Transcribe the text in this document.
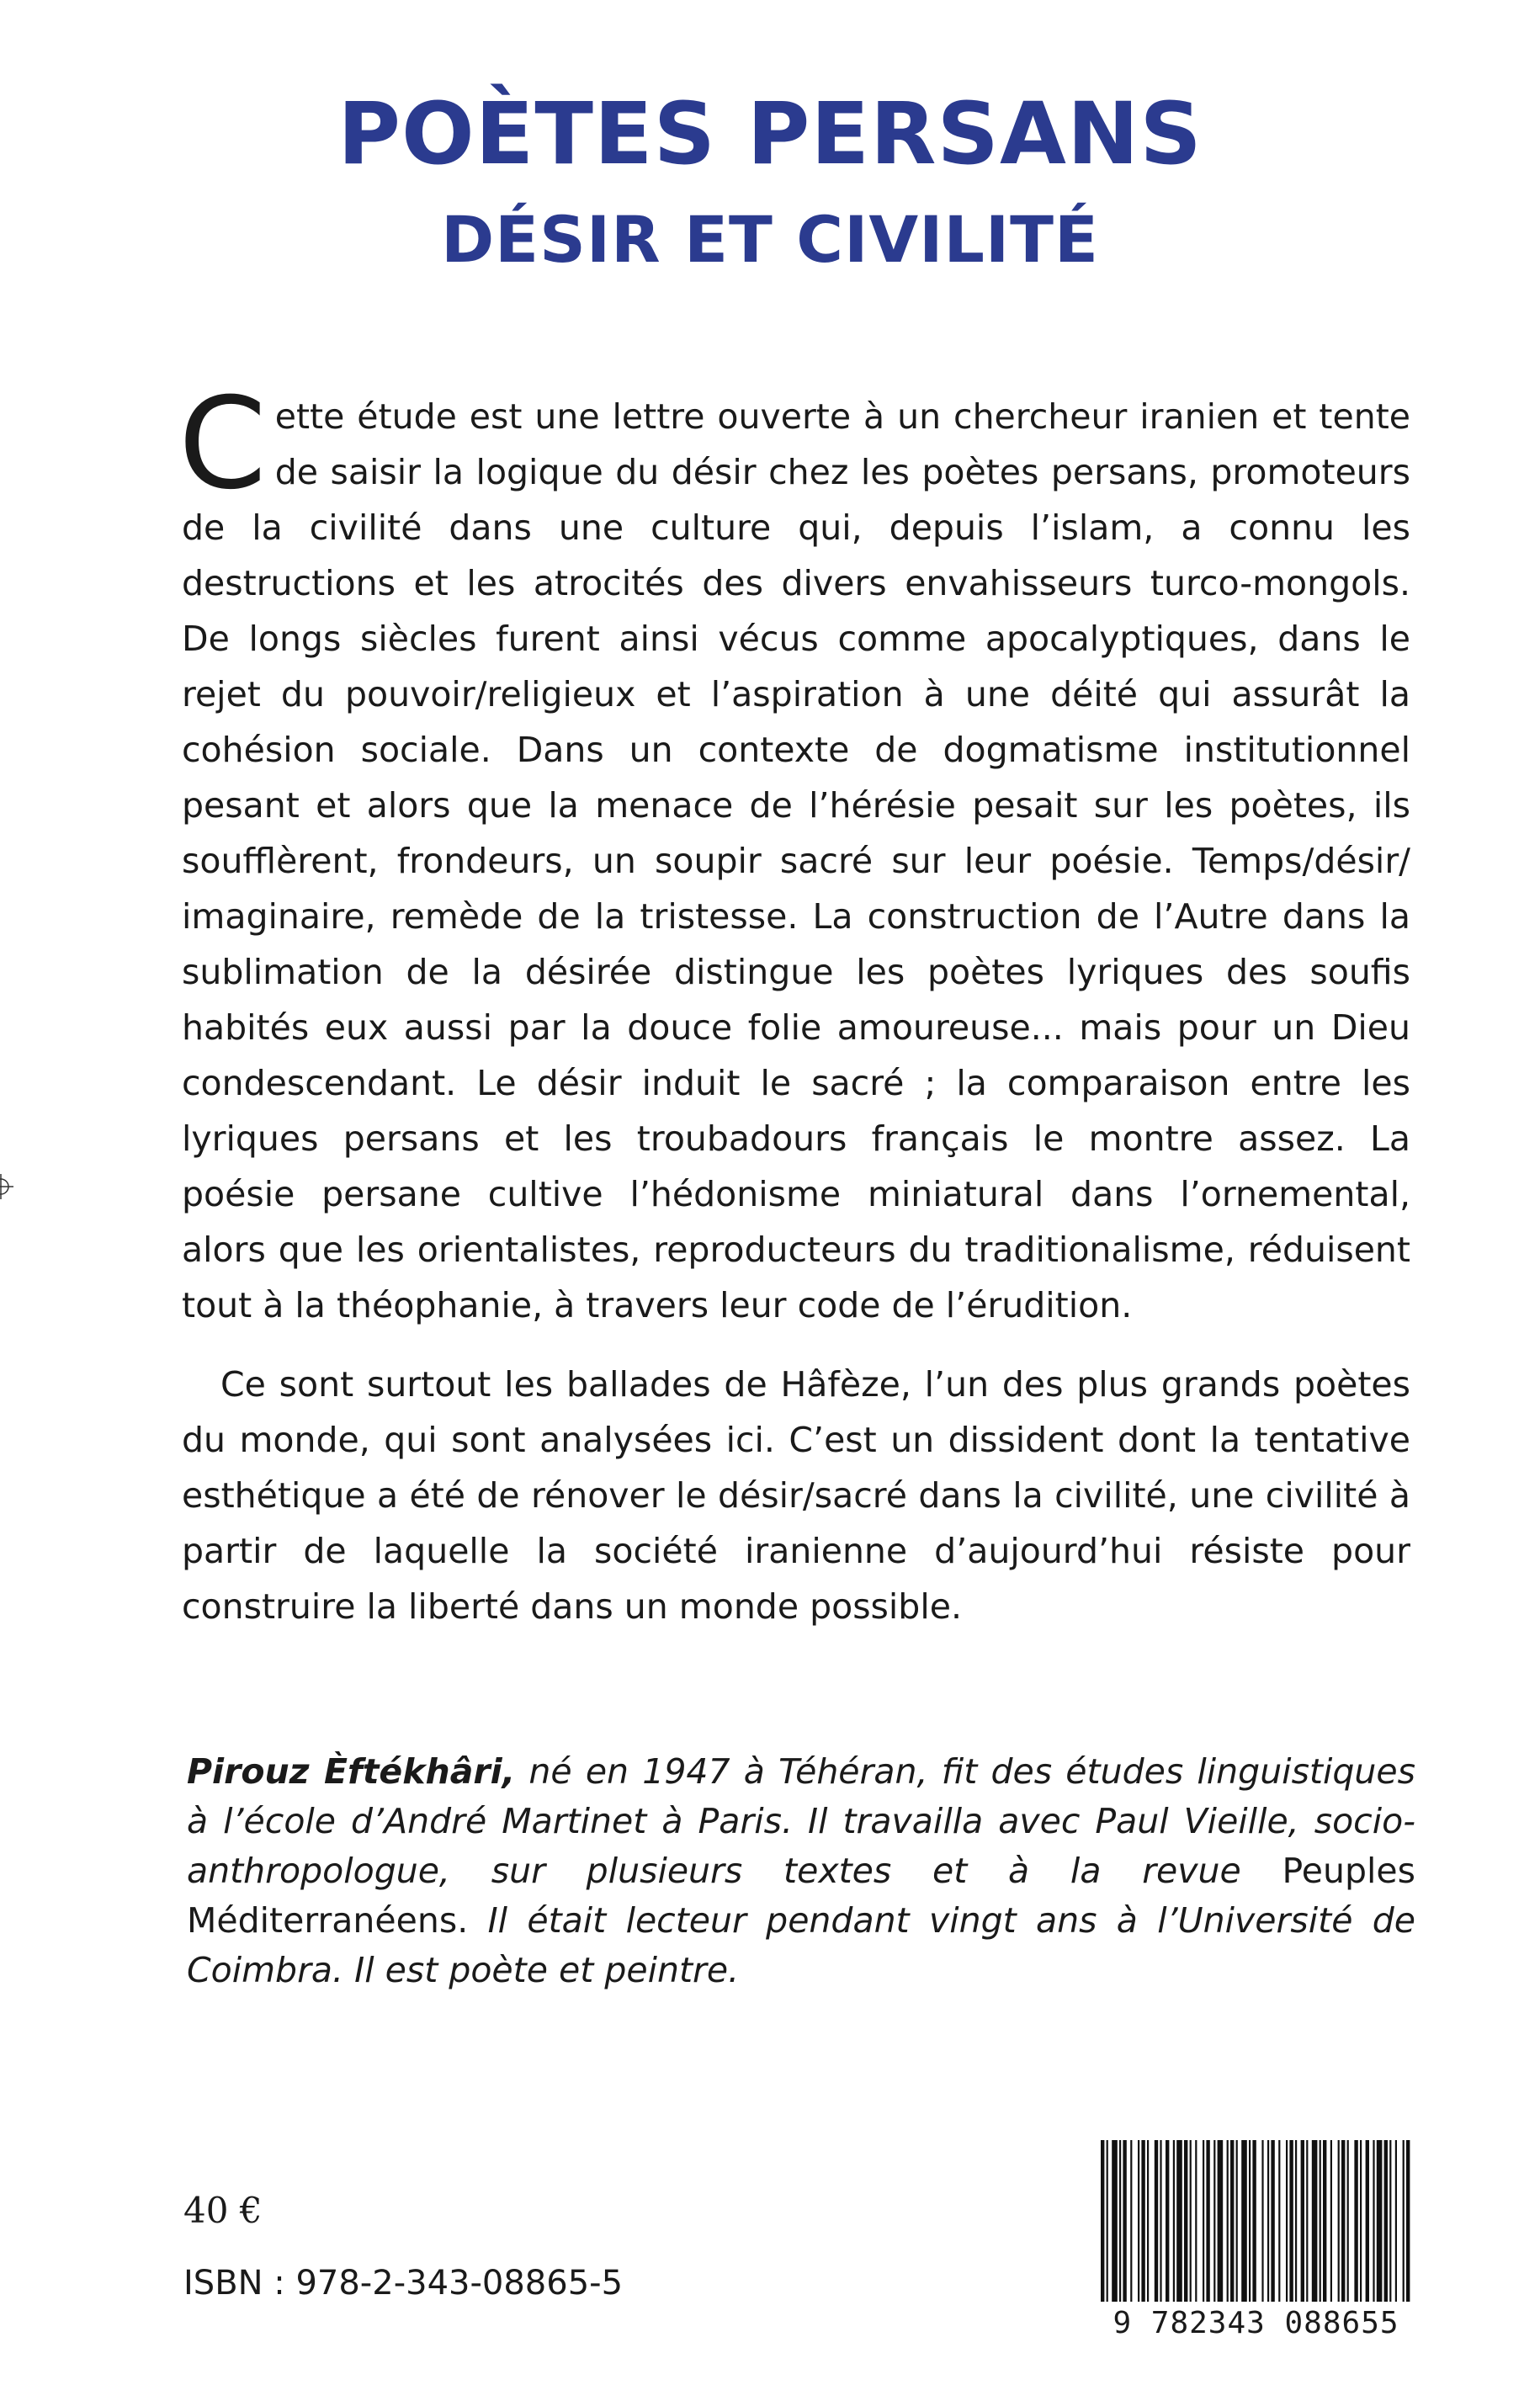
POÈTES PERSANS
DÉSIR ET CIVILITÉ
Cette étude est une lettre ouverte à un chercheur iranien et tente de saisir la logique du désir chez les poètes persans, promoteurs de la civilité dans une culture qui, depuis l’islam, a connu les destructions et les atrocités des divers envahisseurs turco-mongols. De longs siècles furent ainsi vécus comme apocalyptiques, dans le rejet du pouvoir/religieux et l’aspiration à une déité qui assurât la cohésion sociale. Dans un contexte de dogmatisme institutionnel pesant et alors que la menace de l’hérésie pesait sur les poètes, ils soufflèrent, frondeurs, un soupir sacré sur leur poésie. Temps/désir/ imaginaire, remède de la tristesse. La construction de l’Autre dans la sublimation de la désirée distingue les poètes lyriques des soufis habités eux aussi par la douce folie amoureuse... mais pour un Dieu condescendant. Le désir induit le sacré ; la comparaison entre les lyriques persans et les troubadours français le montre assez. La poésie persane cultive l’hédonisme miniatural dans l’ornemental, alors que les orientalistes, reproducteurs du traditionalisme, réduisent tout à la théophanie, à travers leur code de l’érudition.
Ce sont surtout les ballades de Hâfèze, l’un des plus grands poètes du monde, qui sont analysées ici. C’est un dissident dont la tentative esthétique a été de rénover le désir/sacré dans la civilité, une civilité à partir de laquelle la société iranienne d’aujourd’hui résiste pour construire la liberté dans un monde possible.
Pirouz Èftékhâri, né en 1947 à Téhéran, fit des études linguistiques à l’école d’André Martinet à Paris. Il travailla avec Paul Vieille, socio-anthropologue, sur plusieurs textes et à la revue Peuples Méditerranéens. Il était lecteur pendant vingt ans à l’Université de Coimbra. Il est poète et peintre.
40 €
ISBN : 978-2-343-08865-5
9 782343 088655
